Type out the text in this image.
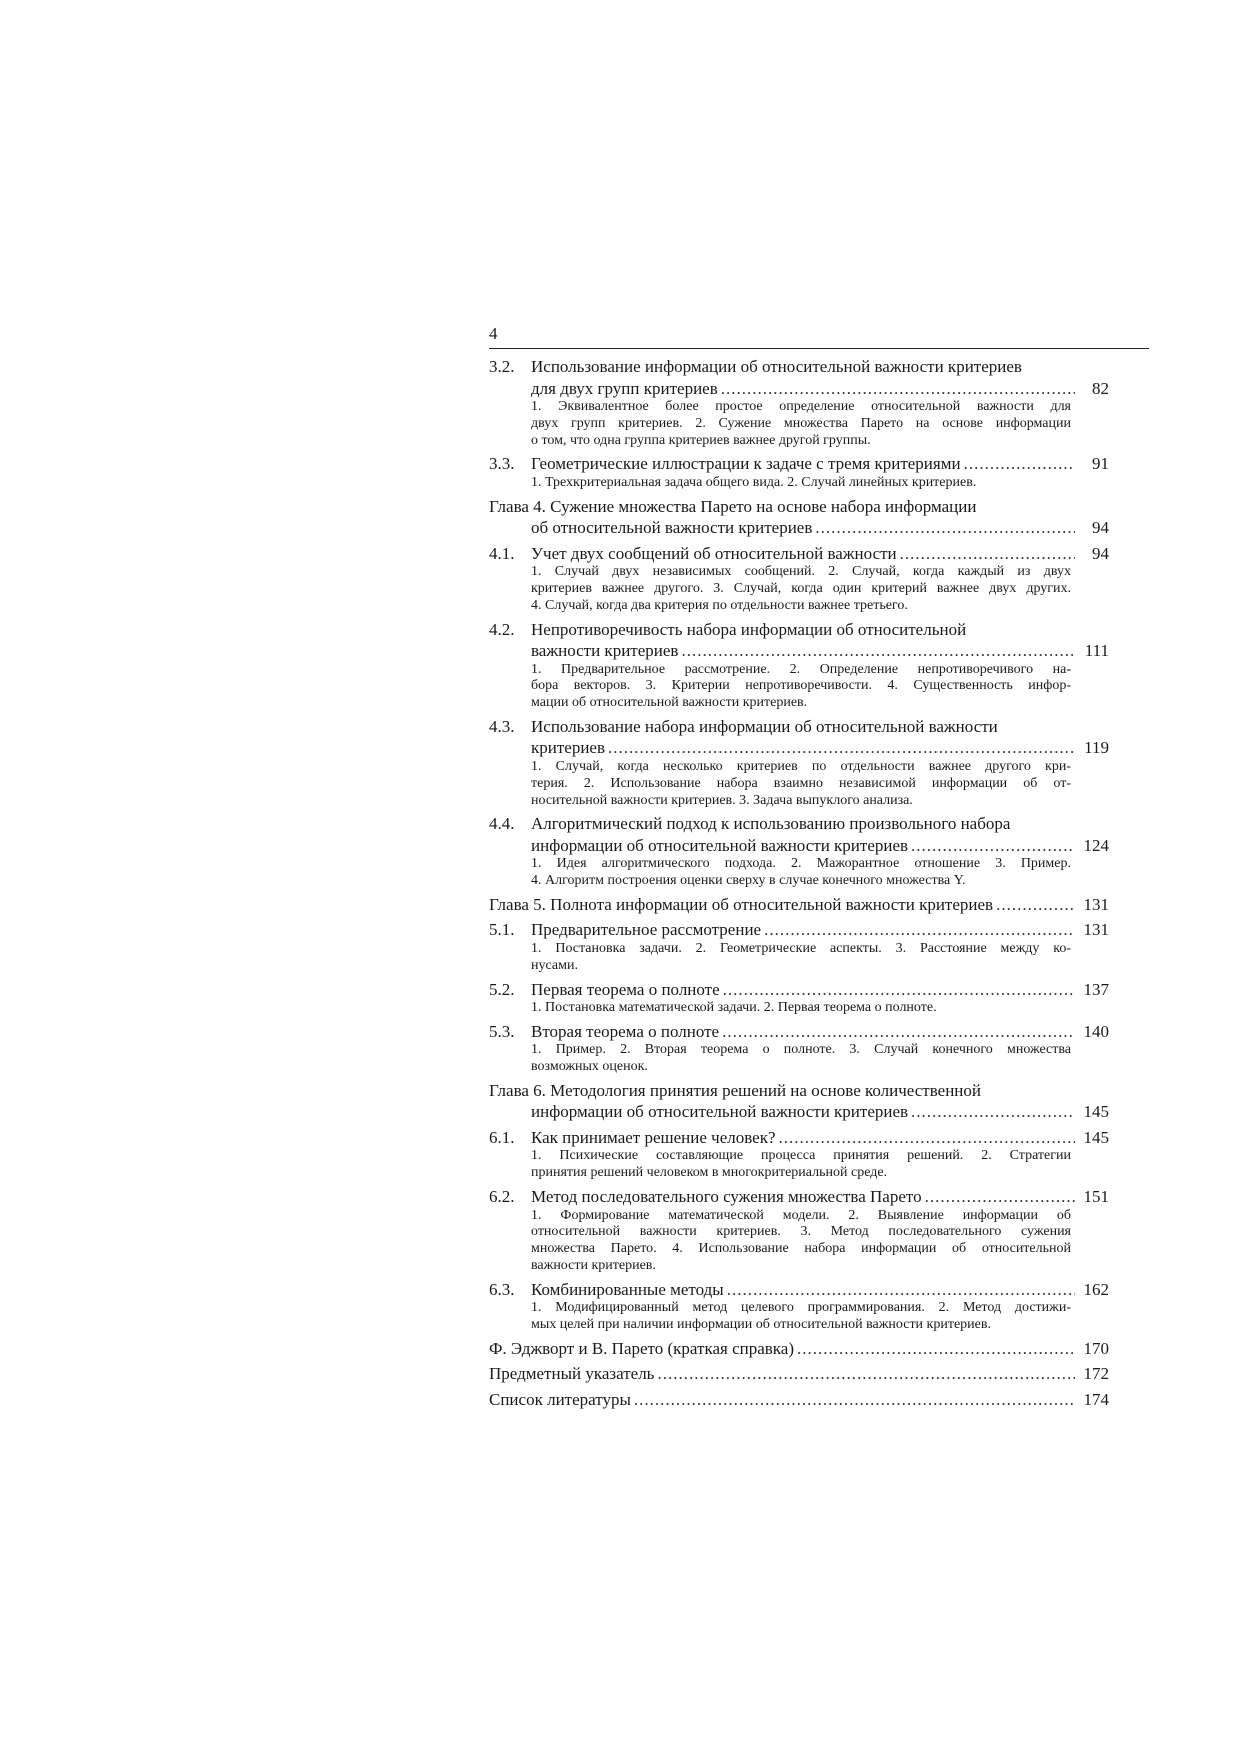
4
3.2. Использование информации об относительной важности критериев
для двух групп критериев .....	82
1. Эквивалентное более простое определение относительной важности для
двух групп критериев. 2. Сужение множества Парето на основе информации
о том, что одна группа критериев важнее другой группы.
3.3. Геометрические иллюстрации к задаче с тремя критериями .....	91
1. Трехкритериальная задача общего вида. 2. Случай линейных критериев.
Глава 4. Сужение множества Парето на основе набора информации
об относительной важности критериев .....	94
4.1. Учет двух сообщений об относительной важности .....	94
1. Случай двух независимых сообщений. 2. Случай, когда каждый из двух
критериев важнее другого. 3. Случай, когда один критерий важнее двух других.
4. Случай, когда два критерия по отдельности важнее третьего.
4.2. Непротиворечивость набора информации об относительной
важности критериев .....	111
1. Предварительное рассмотрение. 2. Определение непротиворечивого на-
бора векторов. 3. Критерии непротиворечивости. 4. Существенность инфор-
мации об относительной важности критериев.
4.3. Использование набора информации об относительной важности
критериев .....	119
1. Случай, когда несколько критериев по отдельности важнее другого кри-
терия. 2. Использование набора взаимно независимой информации об от-
носительной важности критериев. 3. Задача выпуклого анализа.
4.4. Алгоритмический подход к использованию произвольного набора
информации об относительной важности критериев .....	124
1. Идея алгоритмического подхода. 2. Мажорантное отношение 3. Пример.
4. Алгоритм построения оценки сверху в случае конечного множества Y.
Глава 5. Полнота информации об относительной важности критериев .....	131
5.1. Предварительное рассмотрение .....	131
1. Постановка задачи. 2. Геометрические аспекты. 3. Расстояние между ко-
нусами.
5.2. Первая теорема о полноте .....	137
1. Постановка математической задачи. 2. Первая теорема о полноте.
5.3. Вторая теорема о полноте .....	140
1. Пример. 2. Вторая теорема о полноте. 3. Случай конечного множества
возможных оценок.
Глава 6. Методология принятия решений на основе количественной
информации об относительной важности критериев .....	145
6.1. Как принимает решение человек? .....	145
1. Психические составляющие процесса принятия решений. 2. Стратегии
принятия решений человеком в многокритериальной среде.
6.2. Метод последовательного сужения множества Парето .....	151
1. Формирование математической модели. 2. Выявление информации об
относительной важности критериев. 3. Метод последовательного сужения
множества Парето. 4. Использование набора информации об относительной
важности критериев.
6.3. Комбинированные методы .....	162
1. Модифицированный метод целевого программирования. 2. Метод достижи-
мых целей при наличии информации об относительной важности критериев.
Ф. Эджворт и В. Парето (краткая справка) .....	170
Предметный указатель .....	172
Список литературы .....	174
